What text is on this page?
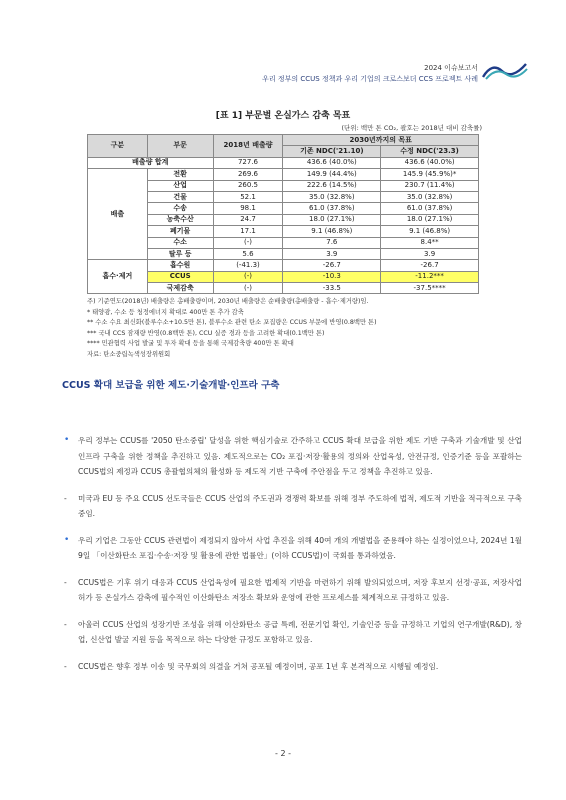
2024 이슈보고서
우리 정부의 CCUS 정책과 우리 기업의 크로스보더 CCS 프로젝트 사례
[표 1] 부문별 온실가스 감축 목표
(단위: 백만 톤 CO₂, 괄호는 2018년 대비 감축률)
구분	부문	2018년 배출량	2030년까지의 목표	
			기존 NDC('21.10)	수정 NDC('23.3)
배출량 합계		727.6	436.6 (40.0%)	436.6 (40.0%)
배출	전환	269.6	149.9 (44.4%)	145.9 (45.9%)*
	산업	260.5	222.6 (14.5%)	230.7 (11.4%)
	건물	52.1	35.0 (32.8%)	35.0 (32.8%)
	수송	98.1	61.0 (37.8%)	61.0 (37.8%)
	농축수산	24.7	18.0 (27.1%)	18.0 (27.1%)
	폐기물	17.1	9.1 (46.8%)	9.1 (46.8%)
	수소	(-)	7.6	8.4**
	탈루 등	5.6	3.9	3.9
흡수·제거	흡수원	(-41.3)	-26.7	-26.7
	CCUS	(-)	-10.3	-11.2***
	국제감축	(-)	-33.5	-37.5****
주) 기준연도(2018년) 배출량은 총배출량이며, 2030년 배출량은 순배출량(총배출량 - 흡수·제거량)임.
* 태양광, 수소 등 청정에너지 확대로 400만 톤 추가 감축
** 수소 수요 최신화(블루수소+10.5만 톤), 블루수소 관련 탄소 포집량은 CCUS 부문에 반영(0.8백만 톤)
*** 국내 CCS 잠재량 반영(0.8백만 톤), CCU 실증 경과 등을 고려한 확대(0.1백만 톤)
**** 민관협력 사업 발굴 및 투자 확대 등을 통해 국제감축량 400만 톤 확대
자료: 탄소중립녹색성장위원회
CCUS 확대 보급을 위한 제도·기술개발·인프라 구축
• 우리 정부는 CCUS를 '2050 탄소중립' 달성을 위한 핵심기술로 간주하고 CCUS 확대 보급을 위한 제도 기반 구축과 기술개발 및 산업 인프라 구축을 위한 정책을 추진하고 있음. 제도적으로는 CO₂ 포집·저장·활용의 정의와 산업육성, 안전규정, 인증기준 등을 포괄하는 CCUS법의 제정과 CCUS 총괄협의체의 활성화 등 제도적 기반 구축에 주안점을 두고 정책을 추진하고 있음.
- 미국과 EU 등 주요 CCUS 선도국들은 CCUS 산업의 주도권과 경쟁력 확보를 위해 정부 주도하에 법적, 제도적 기반을 적극적으로 구축 중임.
• 우리 기업은 그동안 CCUS 관련법이 제정되지 않아서 사업 추진을 위해 40여 개의 개별법을 준용해야 하는 실정이었으나, 2024년 1월 9일 「이산화탄소 포집·수송·저장 및 활용에 관한 법률안」(이하 CCUS법)이 국회를 통과하였음.
- CCUS법은 기후 위기 대응과 CCUS 산업육성에 필요한 법제적 기반을 마련하기 위해 발의되었으며, 저장 후보지 선정·공표, 저장사업 허가 등 온실가스 감축에 필수적인 이산화탄소 저장소 확보와 운영에 관한 프로세스를 체계적으로 규정하고 있음.
- 아울러 CCUS 산업의 성장기반 조성을 위해 이산화탄소 공급 특례, 전문기업 확인, 기술인증 등을 규정하고 기업의 연구개발(R&D), 창업, 신산업 발굴 지원 등을 목적으로 하는 다양한 규정도 포함하고 있음.
- CCUS법은 향후 정부 이송 및 국무회의 의결을 거쳐 공포될 예정이며, 공포 1년 후 본격적으로 시행될 예정임.
- 2 -
